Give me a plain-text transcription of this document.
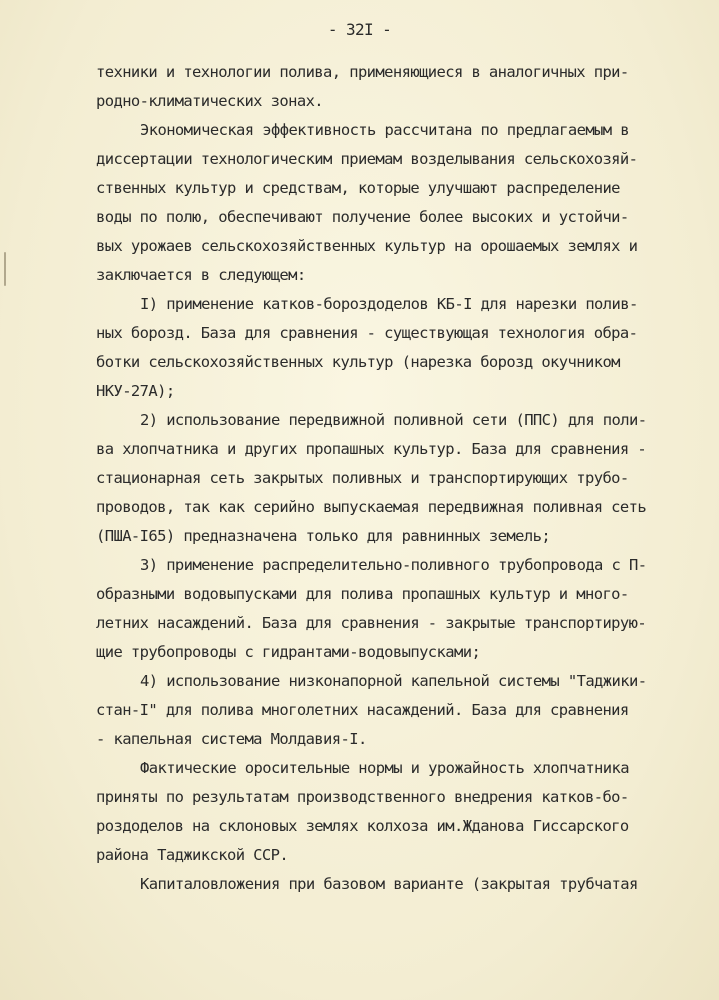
- 32I -
техники и технологии полива, применяющиеся в аналогичных при-
родно-климатических зонах.
Экономическая эффективность рассчитана по предлагаемым в
диссертации технологическим приемам возделывания сельскохозяй-
ственных культур и средствам, которые улучшают распределение
воды по полю, обеспечивают получение более высоких и устойчи-
вых урожаев сельскохозяйственных культур на орошаемых землях и
заключается в следующем:
I) применение катков-бороздоделов КБ-I для нарезки полив-
ных борозд. База для сравнения - существующая технология обра-
ботки сельскохозяйственных культур (нарезка борозд окучником
НКУ-27А);
2) использование передвижной поливной сети (ППС) для поли-
ва хлопчатника и других пропашных культур. База для сравнения -
стационарная сеть закрытых поливных и транспортирующих трубо-
проводов, так как серийно выпускаемая передвижная поливная сеть
(ПША-I65) предназначена только для равнинных земель;
3) применение распределительно-поливного трубопровода с П-
образными водовыпусками для полива пропашных культур и много-
летних насаждений. База для сравнения - закрытые транспортирую-
щие трубопроводы с гидрантами-водовыпусками;
4) использование низконапорной капельной системы "Таджики-
стан-I" для полива многолетних насаждений. База для сравнения
- капельная система Молдавия-I.
Фактические оросительные нормы и урожайность хлопчатника
приняты по результатам производственного внедрения катков-бо-
роздоделов на склоновых землях колхоза им.Жданова Гиссарского
района Таджикской ССР.
Капиталовложения при базовом варианте (закрытая трубчатая
